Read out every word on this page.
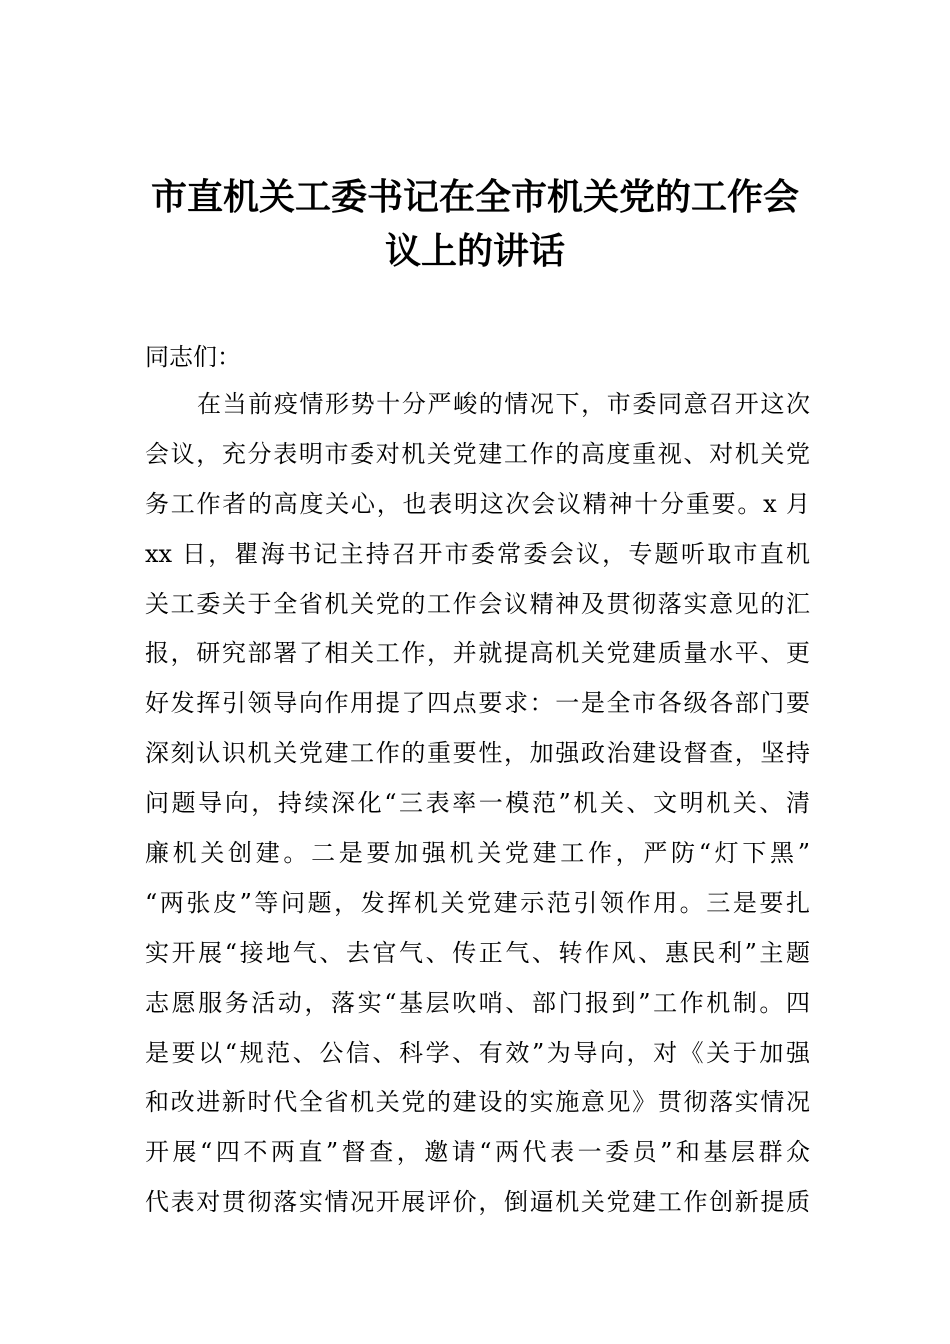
市直机关工委书记在全市机关党的工作会
议上的讲话

同志们：

在当前疫情形势十分严峻的情况下，市委同意召开这次
会议，充分表明市委对机关党建工作的高度重视、对机关党
务工作者的高度关心，也表明这次会议精神十分重要。x 月
xx 日，瞿海书记主持召开市委常委会议，专题听取市直机
关工委关于全省机关党的工作会议精神及贯彻落实意见的汇
报，研究部署了相关工作，并就提高机关党建质量水平、更
好发挥引领导向作用提了四点要求：一是全市各级各部门要
深刻认识机关党建工作的重要性，加强政治建设督查，坚持
问题导向，持续深化“三表率一模范”机关、文明机关、清
廉机关创建。二是要加强机关党建工作，严防“灯下黑”
“两张皮”等问题，发挥机关党建示范引领作用。三是要扎
实开展“接地气、去官气、传正气、转作风、惠民利”主题
志愿服务活动，落实“基层吹哨、部门报到”工作机制。四
是要以“规范、公信、科学、有效”为导向，对《关于加强
和改进新时代全省机关党的建设的实施意见》贯彻落实情况
开展“四不两直”督查，邀请“两代表一委员”和基层群众
代表对贯彻落实情况开展评价，倒逼机关党建工作创新提质
